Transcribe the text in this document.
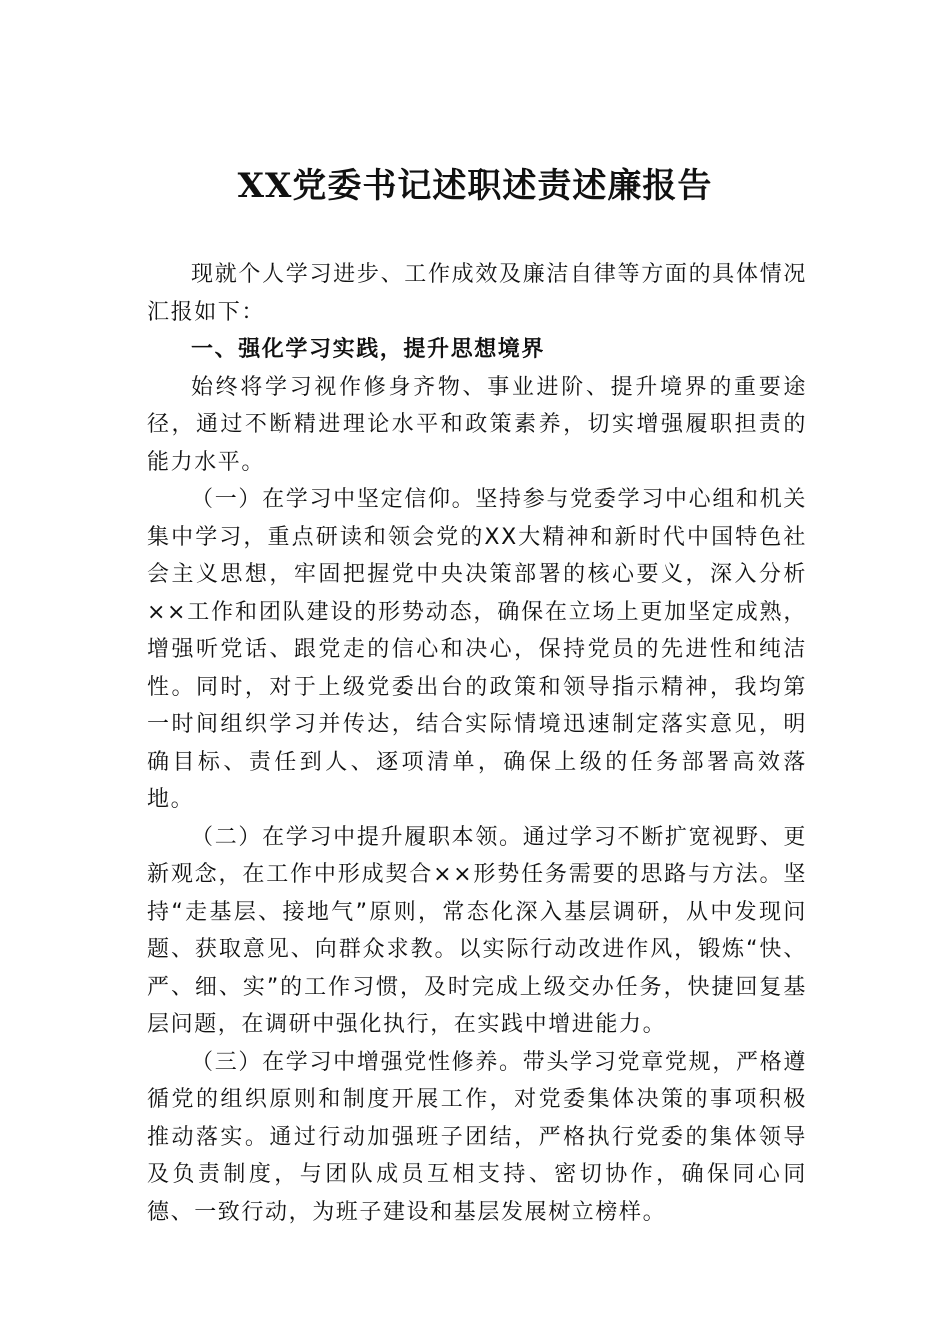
XX党委书记述职述责述廉报告

现就个人学习进步、工作成效及廉洁自律等方面的具体情况汇报如下：

一、强化学习实践，提升思想境界

始终将学习视作修身齐物、事业进阶、提升境界的重要途径，通过不断精进理论水平和政策素养，切实增强履职担责的能力水平。

（一）在学习中坚定信仰。坚持参与党委学习中心组和机关集中学习，重点研读和领会党的XX大精神和新时代中国特色社会主义思想，牢固把握党中央决策部署的核心要义，深入分析××工作和团队建设的形势动态，确保在立场上更加坚定成熟，增强听党话、跟党走的信心和决心，保持党员的先进性和纯洁性。同时，对于上级党委出台的政策和领导指示精神，我均第一时间组织学习并传达，结合实际情境迅速制定落实意见，明确目标、责任到人、逐项清单，确保上级的任务部署高效落地。

（二）在学习中提升履职本领。通过学习不断扩宽视野、更新观念，在工作中形成契合××形势任务需要的思路与方法。坚持“走基层、接地气”原则，常态化深入基层调研，从中发现问题、获取意见、向群众求教。以实际行动改进作风，锻炼“快、严、细、实”的工作习惯，及时完成上级交办任务，快捷回复基层问题，在调研中强化执行，在实践中增进能力。

（三）在学习中增强党性修养。带头学习党章党规，严格遵循党的组织原则和制度开展工作，对党委集体决策的事项积极推动落实。通过行动加强班子团结，严格执行党委的集体领导及负责制度，与团队成员互相支持、密切协作，确保同心同德、一致行动，为班子建设和基层发展树立榜样。
